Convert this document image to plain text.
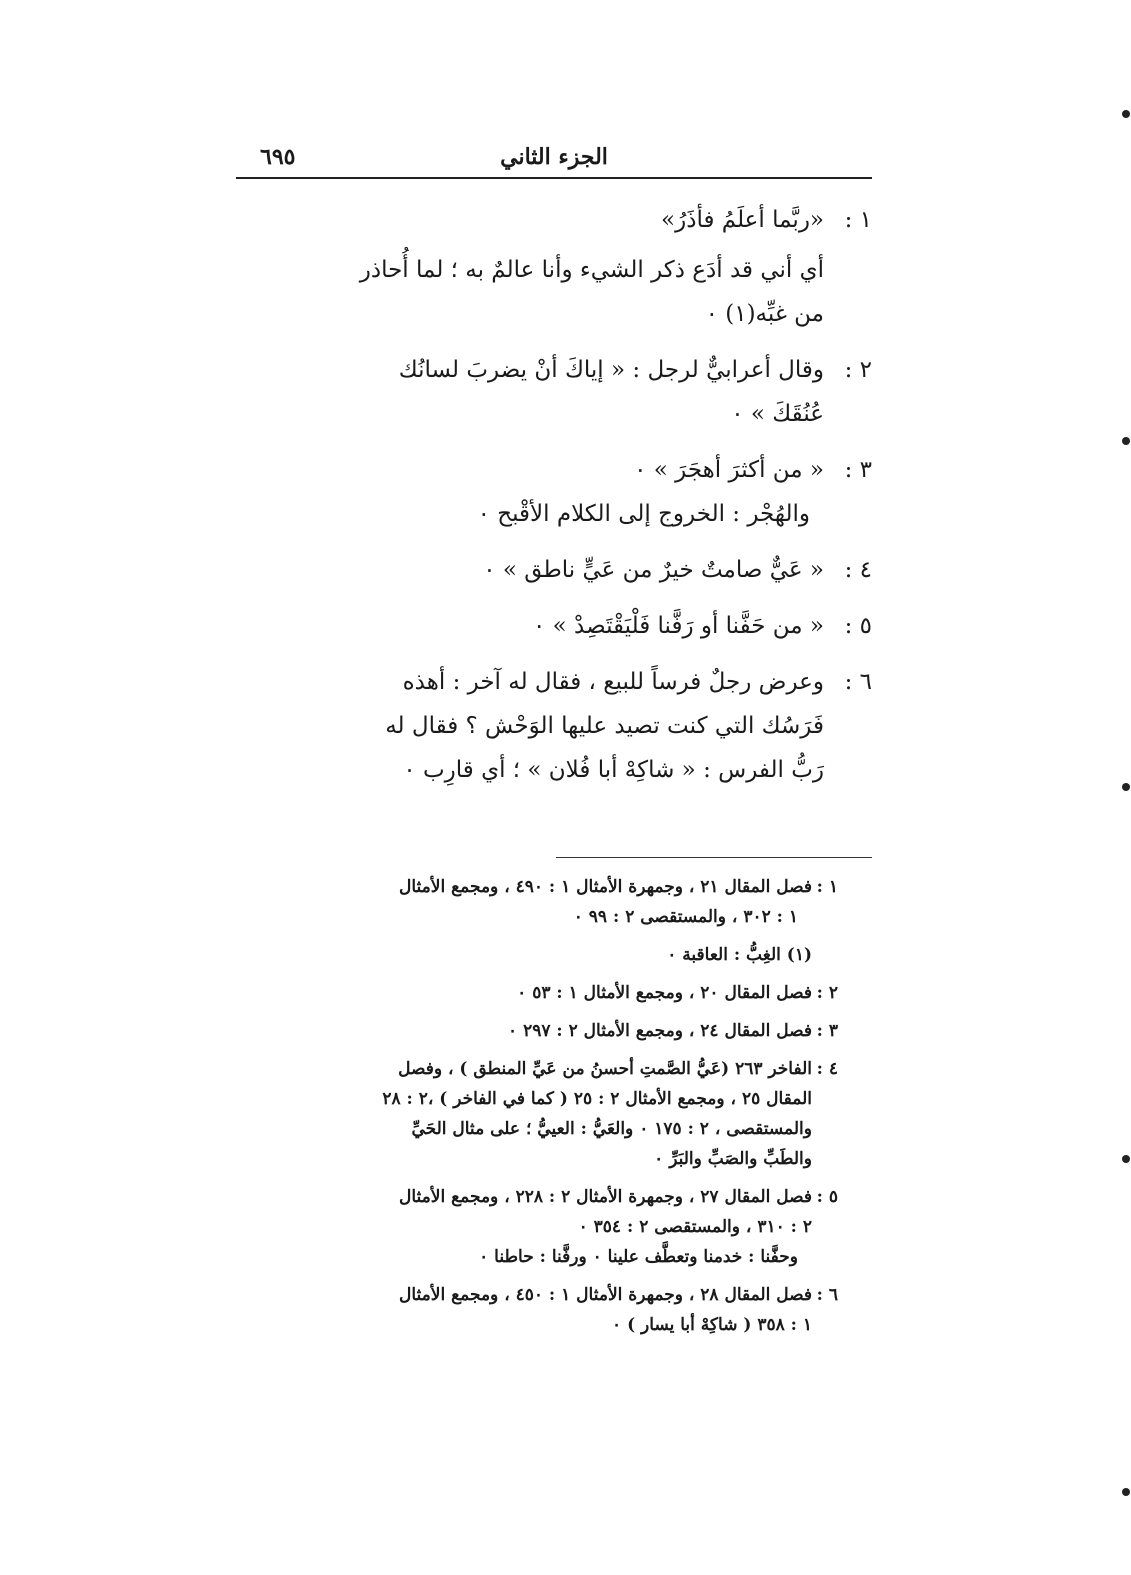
الجزء الثاني
٦٩٥
١ :
«ربَّما أعلَمُ فأذَرُ»
أي أني قد أدَع ذكر الشيء وأنا عالمٌ به ؛ لما أُحاذر
من غبِّه(١) ٠
٢ :
وقال أعرابيٌّ لرجل : « إياكَ أنْ يضربَ لسانُك
عُنُقَكَ » ٠
٣ :
« من أكثرَ أهجَرَ » ٠
والهُجْر : الخروج إلى الكلام الأقْبح ٠
٤ :
« عَيٌّ صامتٌ خيرٌ من عَيٍّ ناطق » ٠
٥ :
« من حَفَّنا أو رَفَّنا فَلْيَقْتَصِدْ » ٠
٦ :
وعرض رجلٌ فرساً للبيع ، فقال له آخر : أهذه
فَرَسُك التي كنت تصيد عليها الوَحْش ؟ فقال له
رَبُّ الفرس : « شاكِهْ أبا فُلان » ؛ أي قارِب ٠
١ :
فصل المقال ٢١ ، وجمهرة الأمثال ١ : ٤٩٠ ، ومجمع الأمثال
١ : ٣٠٢ ، والمستقصى ٢ : ٩٩ ٠
(١) الغِبُّ : العاقبة ٠
٢ :
فصل المقال ٢٠ ، ومجمع الأمثال ١ : ٥٣ ٠
٣ :
فصل المقال ٢٤ ، ومجمع الأمثال ٢ : ٢٩٧ ٠
٤ :
الفاخر ٢٦٣ (عَيُّ الصَّمتِ أحسنُ من عَيِّ المنطق ) ، وفصل
المقال ٢٥ ، ومجمع الأمثال ٢ : ٢٥ ( كما في الفاخر ) ،٢ : ٢٨
والمستقصى ، ٢ : ١٧٥ ٠ والعَيُّ : العييُّ ؛ على مثال الحَيِّ
والطَبِّ والصَبِّ والبَرِّ ٠
٥ :
فصل المقال ٢٧ ، وجمهرة الأمثال ٢ : ٢٢٨ ، ومجمع الأمثال
٢ : ٣١٠ ، والمستقصى ٢ : ٣٥٤ ٠
وحفَّنا : خدمنا وتعطَّف علينا ٠ ورفَّنا : حاطنا ٠
٦ :
فصل المقال ٢٨ ، وجمهرة الأمثال ١ : ٤٥٠ ، ومجمع الأمثال
١ : ٣٥٨ ( شاكِهْ أبا يسار ) ٠
